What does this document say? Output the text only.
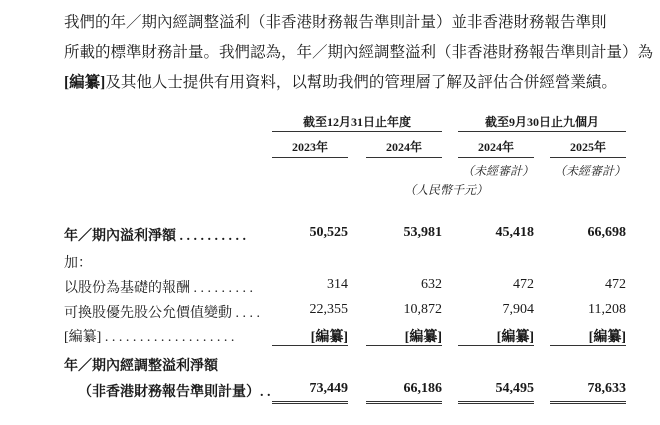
我們的年／期內經調整溢利（非香港財務報告準則計量）並非香港財務報告準則
所載的標準財務計量。我們認為，年／期內經調整溢利（非香港財務報告準則計量）為
[編纂]及其他人士提供有用資料，以幫助我們的管理層了解及評估合併經營業績。
截至12月31日止年度	截至9月30日止九個月
2023年	2024年	2024年	2025年
（未經審計） （未經審計）
（人民幣千元）
年／期內溢利淨額 . . . . . . . . . .	50,525	53,981	45,418	66,698
加：
以股份為基礎的報酬 . . . . . . . . .	314	632	472	472
可換股優先股公允價值變動 . . . .	22,355	10,872	7,904	11,208
[編纂] . . . . . . . . . . . . . . . . . . .	[編纂]	[編纂]	[編纂]	[編纂]
年／期內經調整溢利淨額
（非香港財務報告準則計量）. .	73,449	66,186	54,495	78,633
